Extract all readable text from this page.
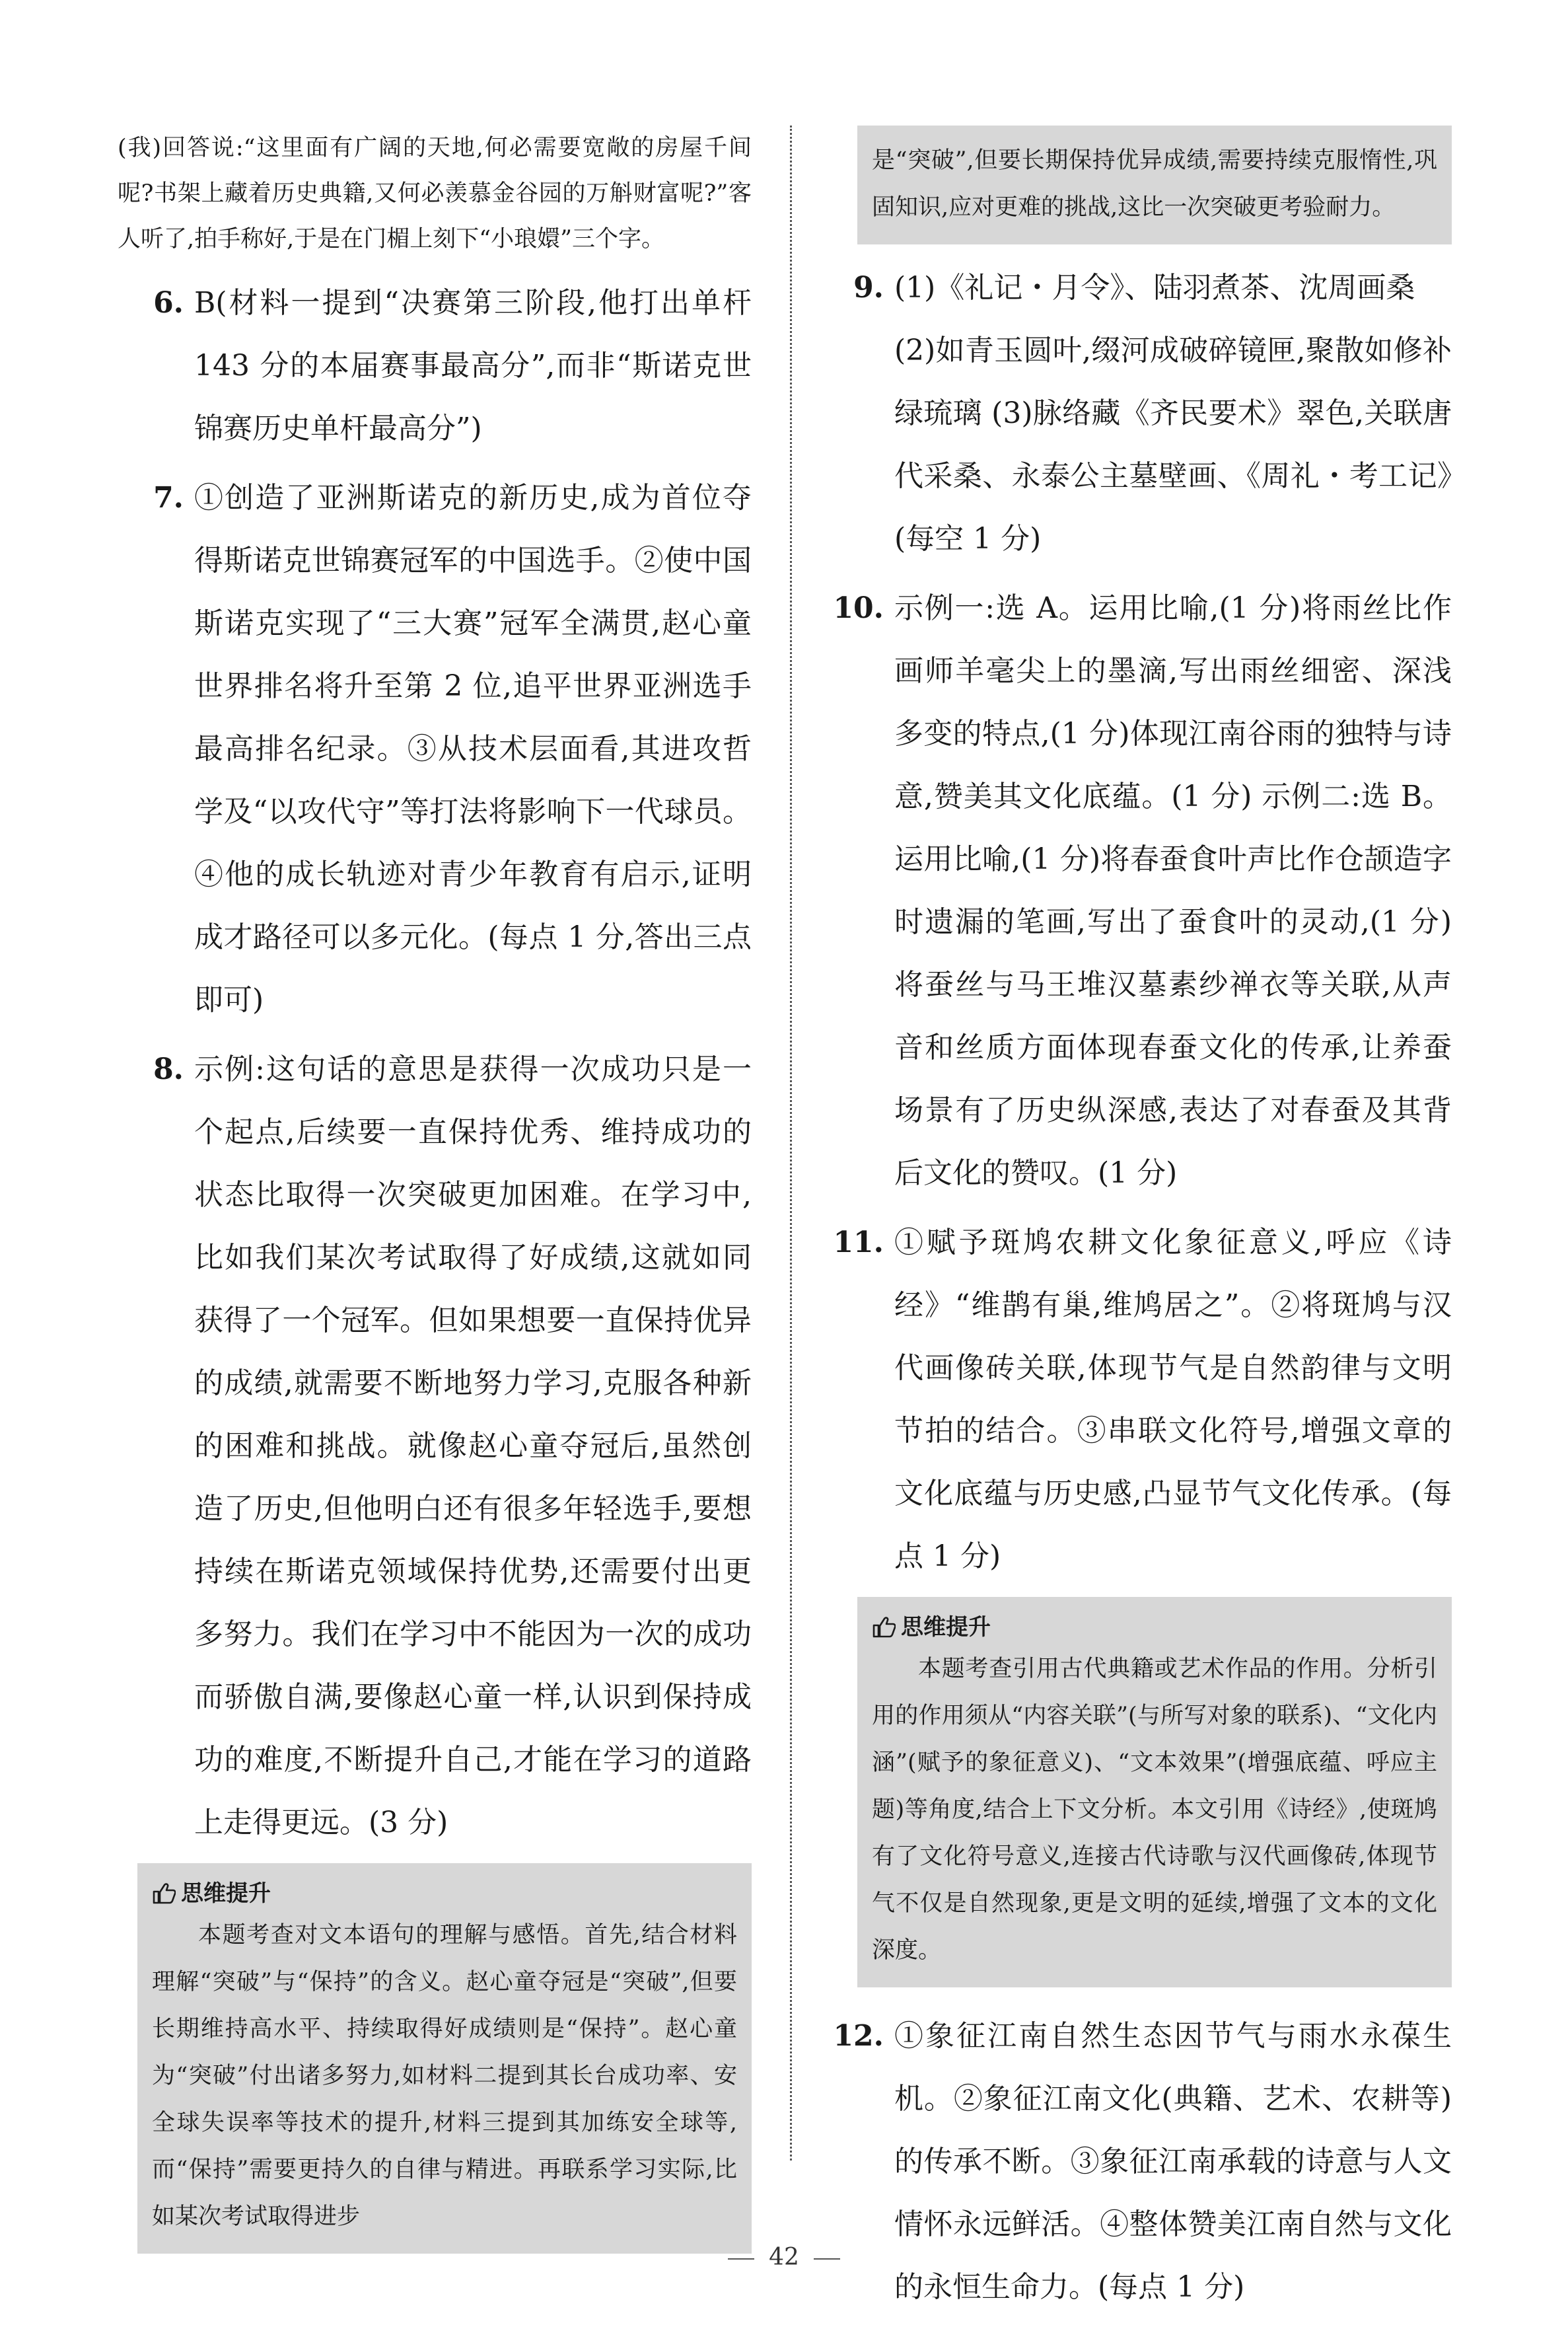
(我)回答说:“这里面有广阔的天地,何必需要宽敞的房屋千间呢?书架上藏着历史典籍,又何必羡慕金谷园的万斛财富呢?”客人听了,拍手称好,于是在门楣上刻下“小琅嬛”三个字。

6. B(材料一提到“决赛第三阶段,他打出单杆 143 分的本届赛事最高分”,而非“斯诺克世锦赛历史单杆最高分”)
7. ①创造了亚洲斯诺克的新历史,成为首位夺得斯诺克世锦赛冠军的中国选手。②使中国斯诺克实现了“三大赛”冠军全满贯,赵心童世界排名将升至第 2 位,追平世界亚洲选手最高排名纪录。③从技术层面看,其进攻哲学及“以攻代守”等打法将影响下一代球员。④他的成长轨迹对青少年教育有启示,证明成才路径可以多元化。(每点 1 分,答出三点即可)
8. 示例:这句话的意思是获得一次成功只是一个起点,后续要一直保持优秀、维持成功的状态比取得一次突破更加困难。在学习中,比如我们某次考试取得了好成绩,这就如同获得了一个冠军。但如果想要一直保持优异的成绩,就需要不断地努力学习,克服各种新的困难和挑战。就像赵心童夺冠后,虽然创造了历史,但他明白还有很多年轻选手,要想持续在斯诺克领域保持优势,还需要付出更多努力。我们在学习中不能因为一次的成功而骄傲自满,要像赵心童一样,认识到保持成功的难度,不断提升自己,才能在学习的道路上走得更远。(3 分)
思维提升

本题考查对文本语句的理解与感悟。首先,结合材料理解“突破”与“保持”的含义。赵心童夺冠是“突破”,但要长期维持高水平、持续取得好成绩则是“保持”。赵心童为“突破”付出诸多努力,如材料二提到其长台成功率、安全球失误率等技术的提升,材料三提到其加练安全球等,而“保持”需要更持久的自律与精进。再联系学习实际,比如某次考试取得进步

是“突破”,但要长期保持优异成绩,需要持续克服惰性,巩固知识,应对更难的挑战,这比一次突破更考验耐力。

9. (1)《礼记・月令》、陆羽煮茶、沈周画桑

(2)如青玉圆叶,缀河成破碎镜匣,聚散如修补绿琉璃 (3)脉络藏《齐民要术》翠色,关联唐代采桑、永泰公主墓壁画、《周礼・考工记》(每空 1 分)

10. 示例一:选 A。运用比喻,(1 分)将雨丝比作画师羊毫尖上的墨滴,写出雨丝细密、深浅多变的特点,(1 分)体现江南谷雨的独特与诗意,赞美其文化底蕴。(1 分) 示例二:选 B。运用比喻,(1 分)将春蚕食叶声比作仓颉造字时遗漏的笔画,写出了蚕食叶的灵动,(1 分)将蚕丝与马王堆汉墓素纱禅衣等关联,从声音和丝质方面体现春蚕文化的传承,让养蚕场景有了历史纵深感,表达了对春蚕及其背后文化的赞叹。(1 分)
11. ①赋予斑鸠农耕文化象征意义,呼应《诗经》“维鹊有巢,维鸠居之”。②将斑鸠与汉代画像砖关联,体现节气是自然韵律与文明节拍的结合。③串联文化符号,增强文章的文化底蕴与历史感,凸显节气文化传承。(每点 1 分)
思维提升

本题考查引用古代典籍或艺术作品的作用。分析引用的作用须从“内容关联”(与所写对象的联系)、“文化内涵”(赋予的象征意义)、“文本效果”(增强底蕴、呼应主题)等角度,结合上下文分析。本文引用《诗经》,使斑鸠有了文化符号意义,连接古代诗歌与汉代画像砖,体现节气不仅是自然现象,更是文明的延续,增强了文本的文化深度。

12. ①象征江南自然生态因节气与雨水永葆生机。②象征江南文化(典籍、艺术、农耕等)的传承不断。③象征江南承载的诗意与人文情怀永远鲜活。④整体赞美江南自然与文化的永恒生命力。(每点 1 分)
42
